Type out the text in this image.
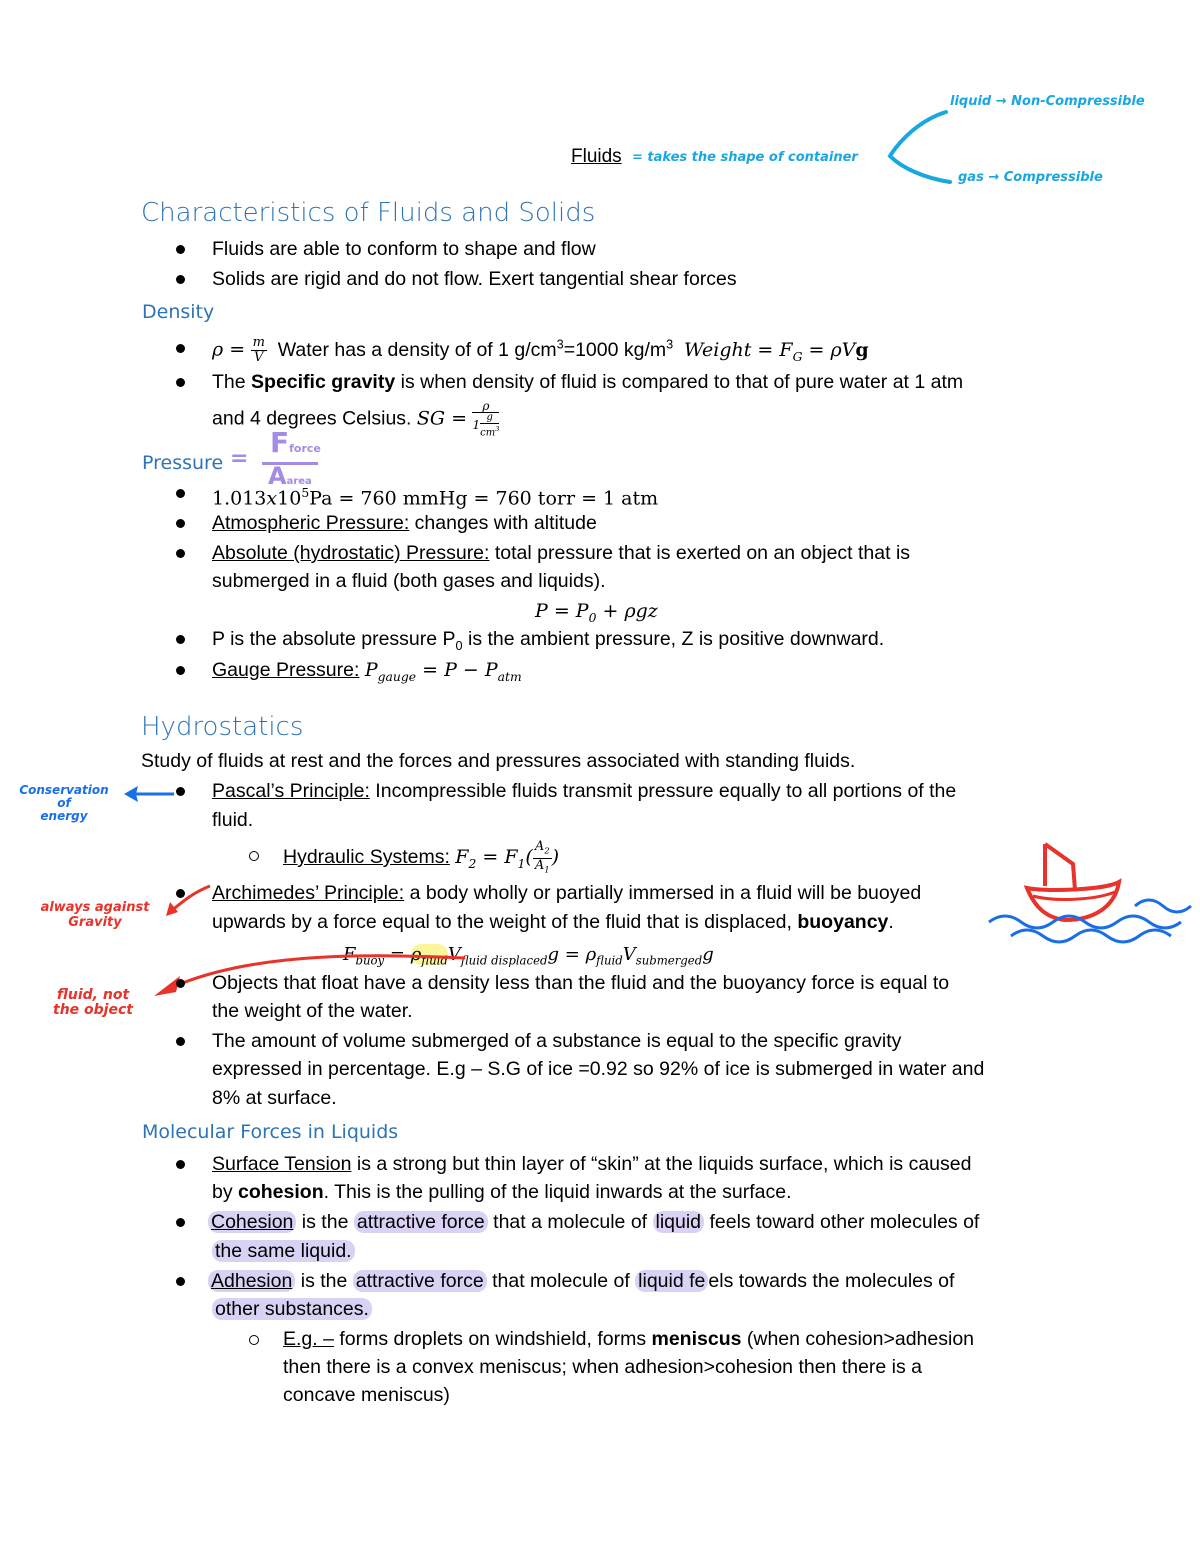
Fluids = takes the shape of container
liquid → Non-Compressible
gas → Compressible
Characteristics of Fluids and Solids
Fluids are able to conform to shape and flow
Solids are rigid and do not flow. Exert tangential shear forces
Density
$\rho = \frac{m}{V}$ Water has a density of of 1 $g/cm^3=1000$ $kg/m^3$ Weight = $F_G = \rho Vg$
The Specific gravity is when density of fluid is compared to that of pure water at 1 atm
and 4 degrees Celsius. SG = $\frac{\rho}{1 \frac{g}{cm^3}}$
Pressure = Fforce
Aarea
$1.013x10^5Pa = 760$ mmHg = 760 torr = 1 atm
Atmospheric Pressure: changes with altitude
Absolute (hydrostatic) Pressure: total pressure that is exerted on an object that is
submerged in a fluid (both gases and liquids).
$P = P_0 + \rho gz$
P is the absolute pressure $P_0$ is the ambient pressure, Z is positive downward.
Gauge Pressure: $P_{gauge} = P - P_{atm}$
Hydrostatics
Study of fluids at rest and the forces and pressures associated with standing fluids.
Conservation
of
energy
Pascal’s Principle: Incompressible fluids transmit pressure equally to all portions of the
fluid.
Hydraulic Systems: $F_2 = F_1( \frac{A_2}{A_1}$ )
always against
Gravity
Archimedes’ Principle: a body wholly or partially immersed in a fluid will be buoyed
upwards by a force equal to the weight of the fluid that is displaced, buoyancy.
$F_{buoy} = \rho_{fluid}V_{fluid displaced}g = \rho_{fluid}V_{submerged}g$
fluid, not
the object
Objects that float have a density less than the fluid and the buoyancy force is equal to
the weight of the water.
The amount of volume submerged of a substance is equal to the specific gravity
expressed in percentage. E.g – S.G of ice =0.92 so 92% of ice is submerged in water and
8% at surface.
Molecular Forces in Liquids
Surface Tension is a strong but thin layer of “skin” at the liquids surface, which is caused
by cohesion. This is the pulling of the liquid inwards at the surface.
Cohesion is the attractive force that a molecule of liquid feels toward other molecules of
the same liquid.
Adhesion is the attractive force that molecule of liquid fe els towards the molecules of
other substances.
E.g. – forms droplets on windshield, forms meniscus (when cohesion>adhesion
then there is a convex meniscus; when adhesion>cohesion then there is a
concave meniscus)
